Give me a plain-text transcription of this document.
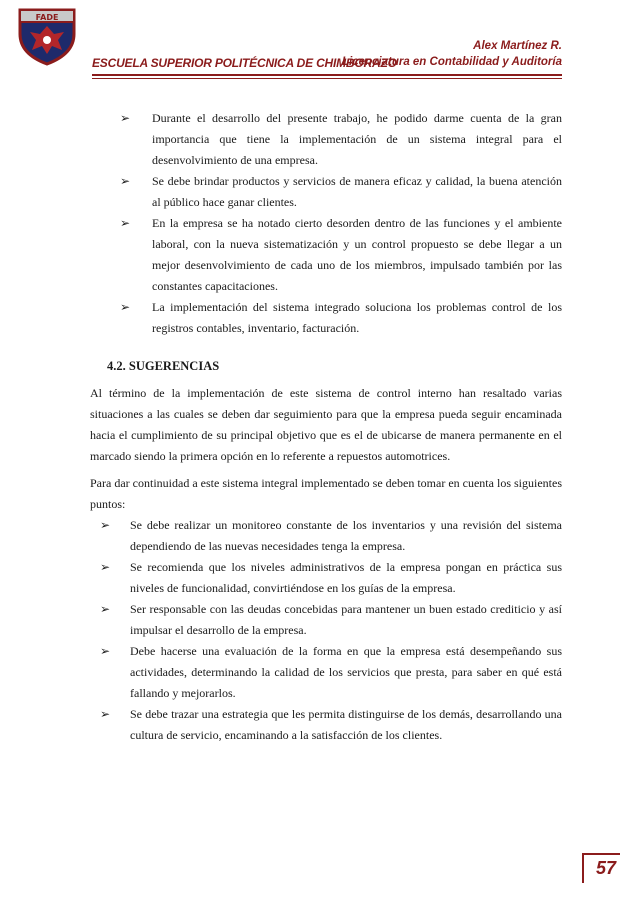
FADE
ESCUELA SUPERIOR POLITÉCNICA DE CHIMBORAZO
Alex Martínez R.
Licenciatura en Contabilidad y Auditoría
➢ Durante el desarrollo del presente trabajo, he podido darme cuenta de la gran importancia que tiene la implementación de un sistema integral para el desenvolvimiento de una empresa.
➢ Se debe brindar productos y servicios de manera eficaz y calidad, la buena atención al público hace ganar clientes.
➢ En la empresa se ha notado cierto desorden dentro de las funciones y el ambiente laboral, con la nueva sistematización y un control propuesto se debe llegar a un mejor desenvolvimiento de cada uno de los miembros, impulsado también por las constantes capacitaciones.
➢ La implementación del sistema integrado soluciona los problemas control de los registros contables, inventario, facturación.
4.2. SUGERENCIAS

Al término de la implementación de este sistema de control interno han resaltado varias situaciones a las cuales se deben dar seguimiento para que la empresa pueda seguir encaminada hacia el cumplimiento de su principal objetivo que es el de ubicarse de manera permanente en el marcado siendo la primera opción en lo referente a repuestos automotrices.

Para dar continuidad a este sistema integral implementado se deben tomar en cuenta los siguientes puntos:

➢ Se debe realizar un monitoreo constante de los inventarios y una revisión del sistema dependiendo de las nuevas necesidades tenga la empresa.
➢ Se recomienda que los niveles administrativos de la empresa pongan en práctica sus niveles de funcionalidad, convirtiéndose en los guías de la empresa.
➢ Ser responsable con las deudas concebidas para mantener un buen estado crediticio y así impulsar el desarrollo de la empresa.
➢ Debe hacerse una evaluación de la forma en que la empresa está desempeñando sus actividades, determinando la calidad de los servicios que presta, para saber en qué está fallando y mejorarlos.
➢ Se debe trazar una estrategia que les permita distinguirse de los demás, desarrollando una cultura de servicio, encaminando a la satisfacción de los clientes.
57
